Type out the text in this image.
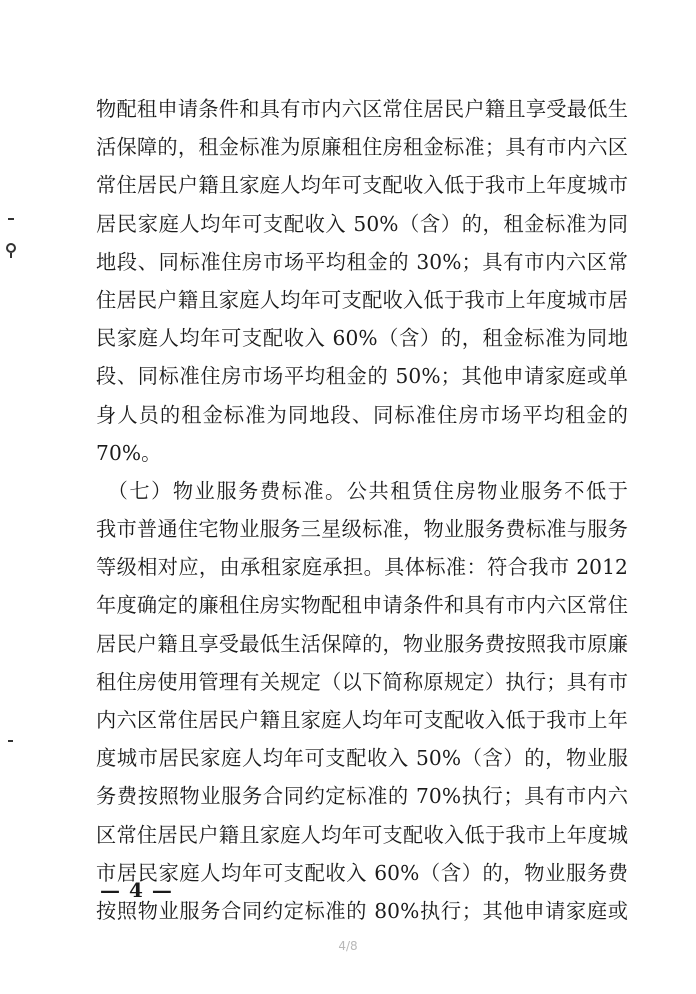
物配租申请条件和具有市内六区常住居民户籍且享受最低生
活保障的，租金标准为原廉租住房租金标准；具有市内六区
常住居民户籍且家庭人均年可支配收入低于我市上年度城市
居民家庭人均年可支配收入 50%（含）的，租金标准为同
地段、同标准住房市场平均租金的 30%；具有市内六区常
住居民户籍且家庭人均年可支配收入低于我市上年度城市居
民家庭人均年可支配收入 60%（含）的，租金标准为同地
段、同标准住房市场平均租金的 50%；其他申请家庭或单
身人员的租金标准为同地段、同标准住房市场平均租金的
70%。
　（七）物业服务费标准。公共租赁住房物业服务不低于
我市普通住宅物业服务三星级标准，物业服务费标准与服务
等级相对应，由承租家庭承担。具体标准：符合我市 2012
年度确定的廉租住房实物配租申请条件和具有市内六区常住
居民户籍且享受最低生活保障的，物业服务费按照我市原廉
租住房使用管理有关规定（以下简称原规定）执行；具有市
内六区常住居民户籍且家庭人均年可支配收入低于我市上年
度城市居民家庭人均年可支配收入 50%（含）的，物业服
务费按照物业服务合同约定标准的 70%执行；具有市内六
区常住居民户籍且家庭人均年可支配收入低于我市上年度城
市居民家庭人均年可支配收入 60%（含）的，物业服务费
按照物业服务合同约定标准的 80%执行；其他申请家庭或
— 4 —
4/8
